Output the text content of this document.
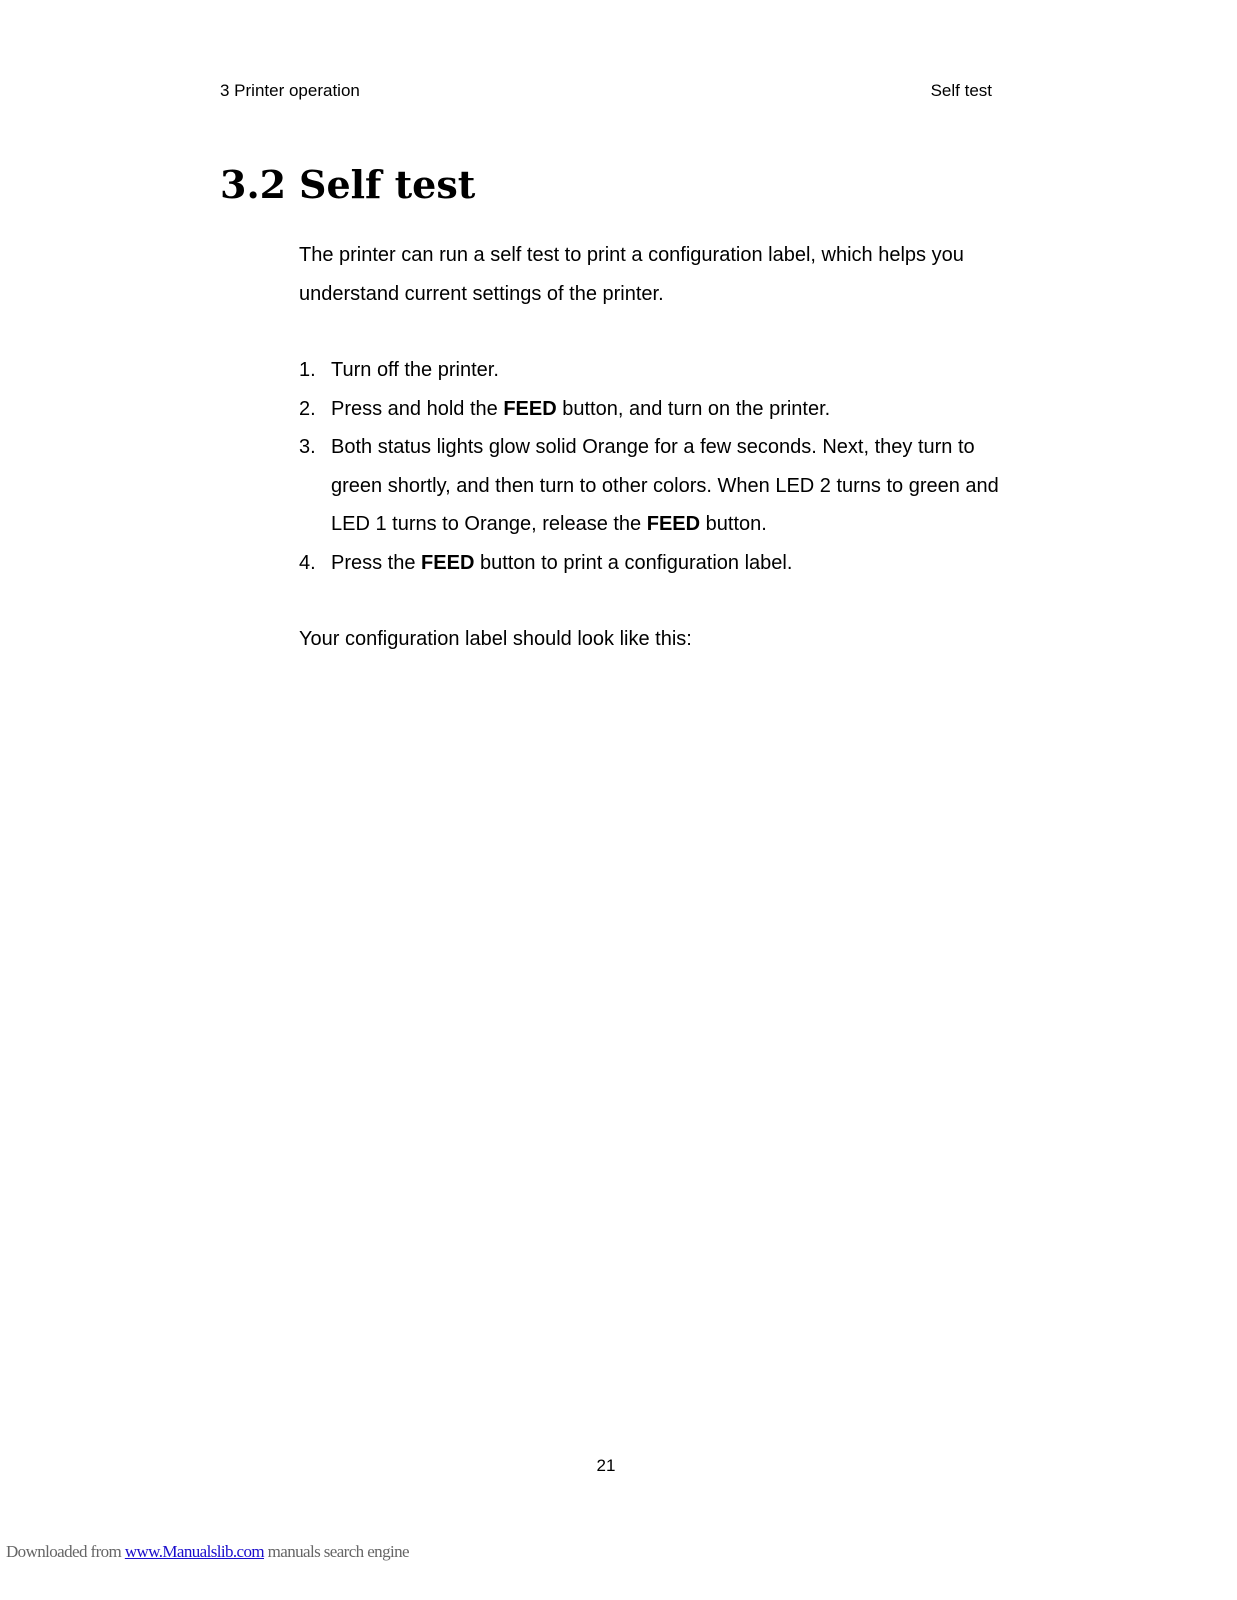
3 Printer operation	Self test
3.2 Self test

The printer can run a self test to print a configuration label, which helps you understand current settings of the printer.

1. Turn off the printer.
2. Press and hold the FEED button, and turn on the printer.
3. Both status lights glow solid Orange for a few seconds. Next, they turn to green shortly, and then turn to other colors. When LED 2 turns to green and LED 1 turns to Orange, release the FEED button.
4. Press the FEED button to print a configuration label.

Your configuration label should look like this:

21
Downloaded from www.Manualslib.com manuals search engine
